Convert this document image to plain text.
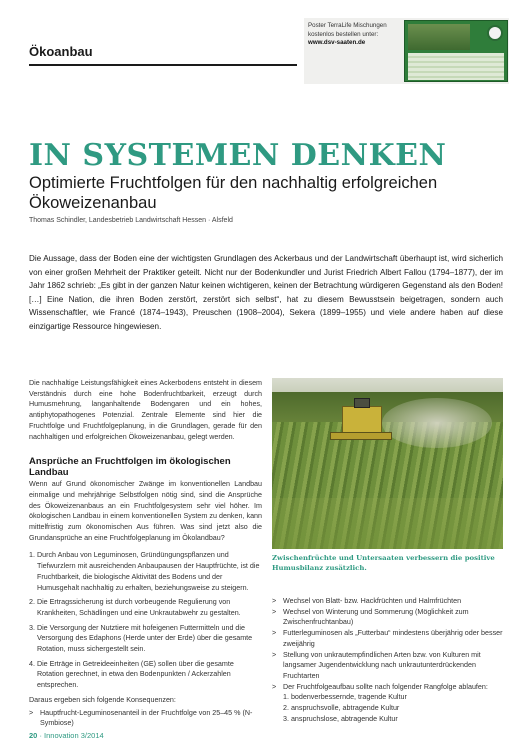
Ökoanbau
Poster TerraLife Mischungen
kostenlos bestellen unter:
www.dsv-saaten.de
IN SYSTEMEN DENKEN
Optimierte Fruchtfolgen für den nachhaltig erfolgreichen Ökoweizenanbau
Thomas Schindler, Landesbetrieb Landwirtschaft Hessen · Alsfeld

Die Aussage, dass der Boden eine der wichtigsten Grundlagen des Ackerbaus und der Landwirtschaft überhaupt ist, wird sicherlich von einer großen Mehrheit der Praktiker geteilt. Nicht nur der Bodenkundler und Jurist Friedrich Albert Fallou (1794–1877), der im Jahr 1862 schrieb: „Es gibt in der ganzen Natur keinen wichtigeren, keinen der Betrachtung würdigeren Gegenstand als den Boden! […] Eine Nation, die ihren Boden zerstört, zerstört sich selbst“, hat zu diesem Bewusstsein beigetragen, sondern auch Wissenschaftler, wie Francé (1874–1943), Preuschen (1908–2004), Sekera (1899–1955) und viele andere haben auf diese einzigartige Ressource hingewiesen.

Die nachhaltige Leistungsfähigkeit eines Ackerbodens entsteht in diesem Verständnis durch eine hohe Bodenfruchtbarkeit, erzeugt durch Humusmehrung, langanhaltende Bodengaren und ein hohes, antiphytopathogenes Potenzial. Zentrale Elemente sind hier die Fruchtfolge und Fruchtfolgeplanung, in die Grundlagen, gerade für den nachhaltigen und erfolgreichen Ökoweizenanbau, gelegt werden.

Ansprüche an Fruchtfolgen im ökologischen Landbau

Wenn auf Grund ökonomischer Zwänge im konventionellen Landbau einmalige und mehrjährige Selbstfolgen nötig sind, sind die Ansprüche des Ökoweizenanbaus an ein Fruchtfolgesystem sehr viel höher. Im ökologischen Landbau in einem konventionellen System zu denken, kann mittelfristig zum ökonomischen Aus führen. Was sind jetzt also die Grundansprüche an eine Fruchtfolgeplanung im Ökolandbau?

1. Durch Anbau von Leguminosen, Gründüngungspflanzen und Tiefwurzlern mit ausreichenden Anbaupausen der Hauptfrüchte, ist die Fruchtbarkeit, die biologische Aktivität des Bodens und der Humusgehalt nachhaltig zu erhalten, beziehungsweise zu steigern.
2. Die Ertragssicherung ist durch vorbeugende Regulierung von Krankheiten, Schädlingen und eine Unkrautabwehr zu gestalten.
3. Die Versorgung der Nutztiere mit hofeigenen Futtermitteln und die Versorgung des Edaphons (Herde unter der Erde) über die gesamte Rotation, muss sichergestellt sein.
4. Die Erträge in Getreideeinheiten (GE) sollen über die gesamte Rotation gerechnet, in etwa den Bodenpunkten / Ackerzahlen entsprechen.

Daraus ergeben sich folgende Konsequenzen:

> Hauptfrucht-Leguminosenanteil in der Fruchtfolge von 25–45 % (N-Symbiose)
Zwischenfrüchte und Untersaaten verbessern die positive Humusbilanz zusätzlich.
> Wechsel von Blatt- bzw. Hackfrüchten und Halmfrüchten
> Wechsel von Winterung und Sommerung (Möglichkeit zum Zwischenfruchtanbau)
> Futterleguminosen als „Futterbau“ mindestens überjährig oder besser zweijährig
> Stellung von unkrautempfindlichen Arten bzw. von Kulturen mit langsamer Jugendentwicklung nach unkrautunterdrückenden Fruchtarten
> Der Fruchtfolgeaufbau sollte nach folgender Rangfolge ablaufen:
1. bodenverbessernde, tragende Kultur
2. anspruchsvolle, abtragende Kultur
3. anspruchslose, abtragende Kultur
20 · Innovation 3/2014
